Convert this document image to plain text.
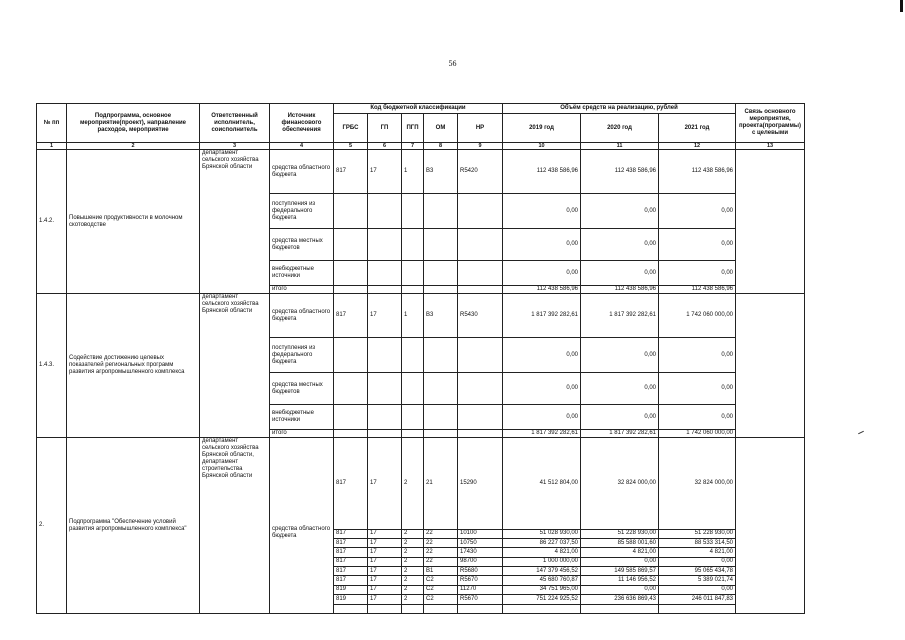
56
№ пп	Подпрограмма, основное мероприятие(проект), направление расходов, мероприятие	Ответственный исполнитель, соисполнитель	Источник финансового обеспечения	Код бюджетной классификации					Объём средств на реализацию, рублей			Связь основного мероприятия, проекта(программы) с целевыми
				ГРБС	ГП	ПГП	ОМ	НР	2019 год	2020 год	2021 год	
1	2	3	4	5	6	7	8	9	10	11	12	13
1.4.2.	Повышение продуктивности в молочном скотоводстве	департамент сельского хозяйства Брянской области	средства областного бюджета	817	17	1	В3	R5420	112 438 586,96	112 438 586,96	112 438 586,96	
			поступления из федерального бюджета						0,00	0,00	0,00	
			средства местных бюджетов						0,00	0,00	0,00	
			внебюджетные источники						0,00	0,00	0,00	
			итого						112 438 586,96	112 438 586,96	112 438 586,96	
1.4.3.	Содействие достижению целевых показателей региональных программ развития агропромышленного комплекса	департамент сельского хозяйства Брянской области	средства областного бюджета	817	17	1	В3	R5430	1 817 392 282,61	1 817 392 282,61	1 742 060 000,00	
			поступления из федерального бюджета						0,00	0,00	0,00	
			средства местных бюджетов						0,00	0,00	0,00	
			внебюджетные источники						0,00	0,00	0,00	
			итого						1 817 392 282,61	1 817 392 282,61	1 742 060 000,00	
2.	Подпрограмма "Обеспечение условий развития агропромышленного комплекса"	департамент сельского хозяйства Брянской области, департамент строительства Брянской области	средства областного бюджета	817	17	2	21	15290	41 512 804,00	32 824 000,00	32 824 000,00	
				817	17	2	22	10100	51 028 930,00	51 228 930,00	51 228 930,00	
				817	17	2	22	10750	86 227 037,50	85 588 001,60	88 533 314,50	
				817	17	2	22	17430	4 821,00	4 821,00	4 821,00	
				817	17	2	22	98700	1 000 000,00	0,00	0,00	
				817	17	2	В1	R5680	147 379 456,52	149 585 869,57	95 065 434,78	
				817	17	2	С2	R5670	45 680 760,87	11 146 956,52	5 389 021,74	
				819	17	2	С2	11270	34 751 965,00	0,00	0,00	
				819	17	2	С2	R5670	751 224 925,52	236 636 869,43	246 011 847,83	
